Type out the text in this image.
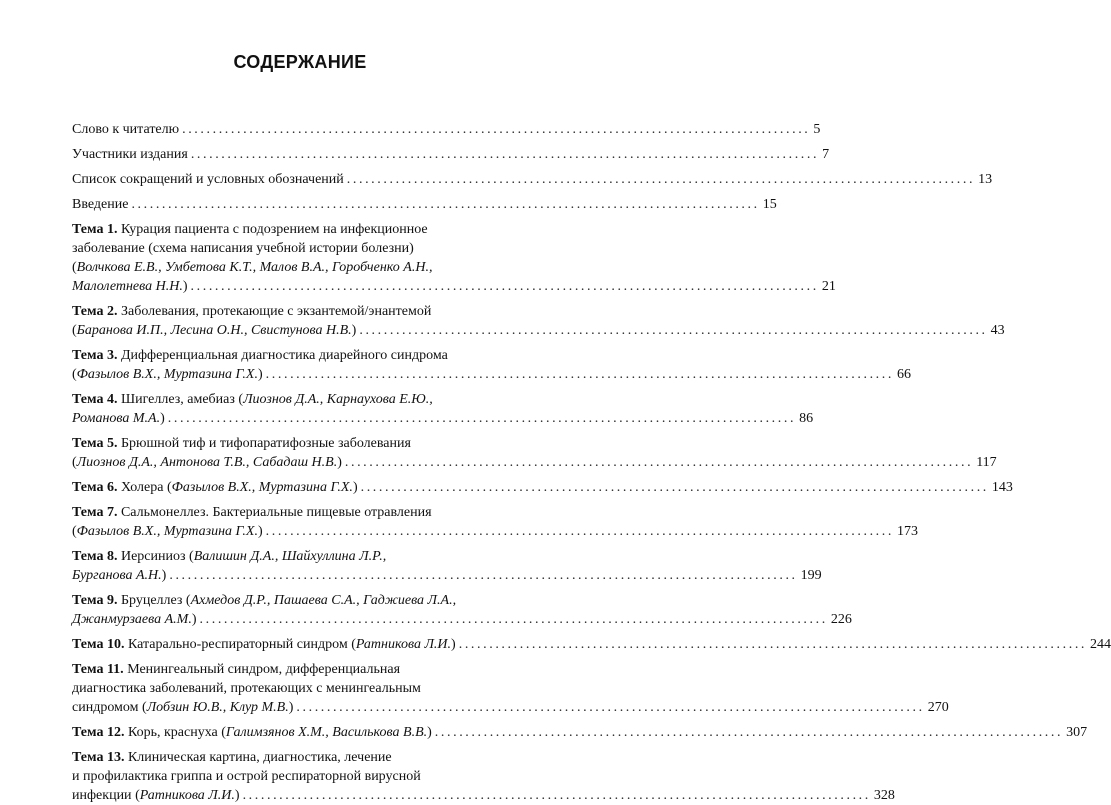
СОДЕРЖАНИЕ
Слово к читателю ....................................................................................................... 5
Участники издания ....................................................................................................... 7
Список сокращений и условных обозначений ....................................................................................................... 13
Введение ....................................................................................................... 15
Тема 1. Курация пациента с подозрением на инфекционное
заболевание (схема написания учебной истории болезни)
(Волчкова Е.В., Умбетова К.Т., Малов В.А., Горобченко А.Н.,
Малолетнева Н.Н.) ....................................................................................................... 21
Тема 2. Заболевания, протекающие с экзантемой/энантемой
(Баранова И.П., Лесина О.Н., Свистунова Н.В.) ....................................................................................................... 43
Тема 3. Дифференциальная диагностика диарейного синдрома
(Фазылов В.Х., Муртазина Г.Х.) ....................................................................................................... 66
Тема 4. Шигеллез, амебиаз (Лиознов Д.А., Карнаухова Е.Ю.,
Романова М.А.) ....................................................................................................... 86
Тема 5. Брюшной тиф и тифопаратифозные заболевания
(Лиознов Д.А., Антонова Т.В., Сабадаш Н.В.) ....................................................................................................... 117
Тема 6. Холера (Фазылов В.Х., Муртазина Г.Х.) ....................................................................................................... 143
Тема 7. Сальмонеллез. Бактериальные пищевые отравления
(Фазылов В.Х., Муртазина Г.Х.) ....................................................................................................... 173
Тема 8. Иерсиниоз (Валишин Д.А., Шайхуллина Л.Р.,
Бурганова А.Н.) ....................................................................................................... 199
Тема 9. Бруцеллез (Ахмедов Д.Р., Пашаева С.А., Гаджиева Л.А.,
Джанмурзаева А.М.) ....................................................................................................... 226
Тема 10. Катарально-респираторный синдром (Ратникова Л.И.) ....................................................................................................... 244
Тема 11. Менингеальный синдром, дифференциальная
диагностика заболеваний, протекающих с менингеальным
синдромом (Лобзин Ю.В., Клур М.В.) ....................................................................................................... 270
Тема 12. Корь, краснуха (Галимзянов Х.М., Василькова В.В.) ....................................................................................................... 307
Тема 13. Клиническая картина, диагностика, лечение
и профилактика гриппа и острой респираторной вирусной
инфекции (Ратникова Л.И.) ....................................................................................................... 328
